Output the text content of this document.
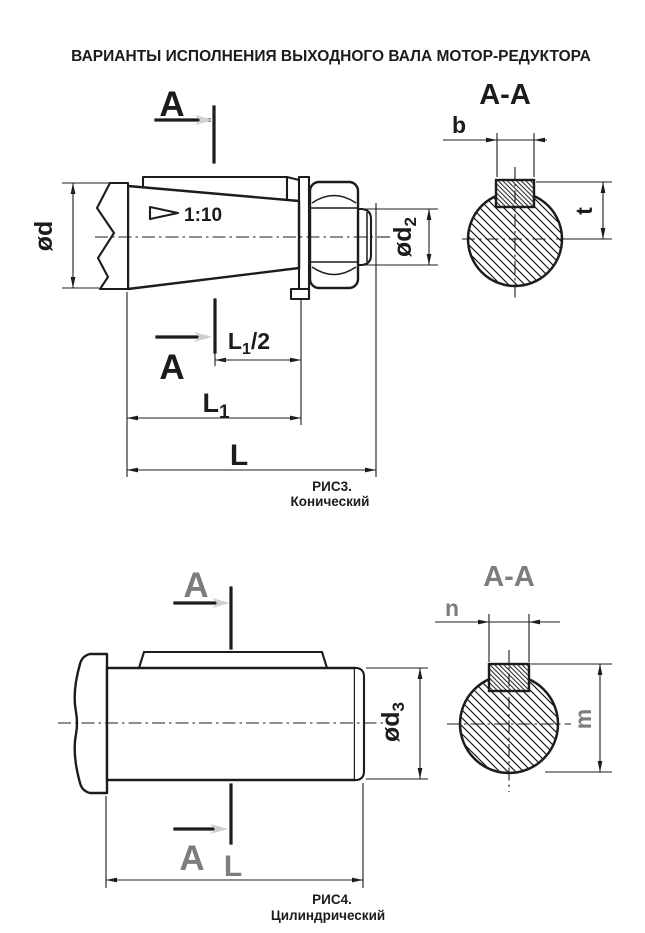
ВАРИАНТЫ ИСПОЛНЕНИЯ ВЫХОДНОГО ВАЛА МОТОР-РЕДУКТОРА
1:10
A
A
ød	$ød_2$
$L_1/2$
$L_1$
L
A-A
b
t
РИС3.
Конический
A
A
$ød_3$
L
A-A
n
m
РИС4.
Цилиндрический
